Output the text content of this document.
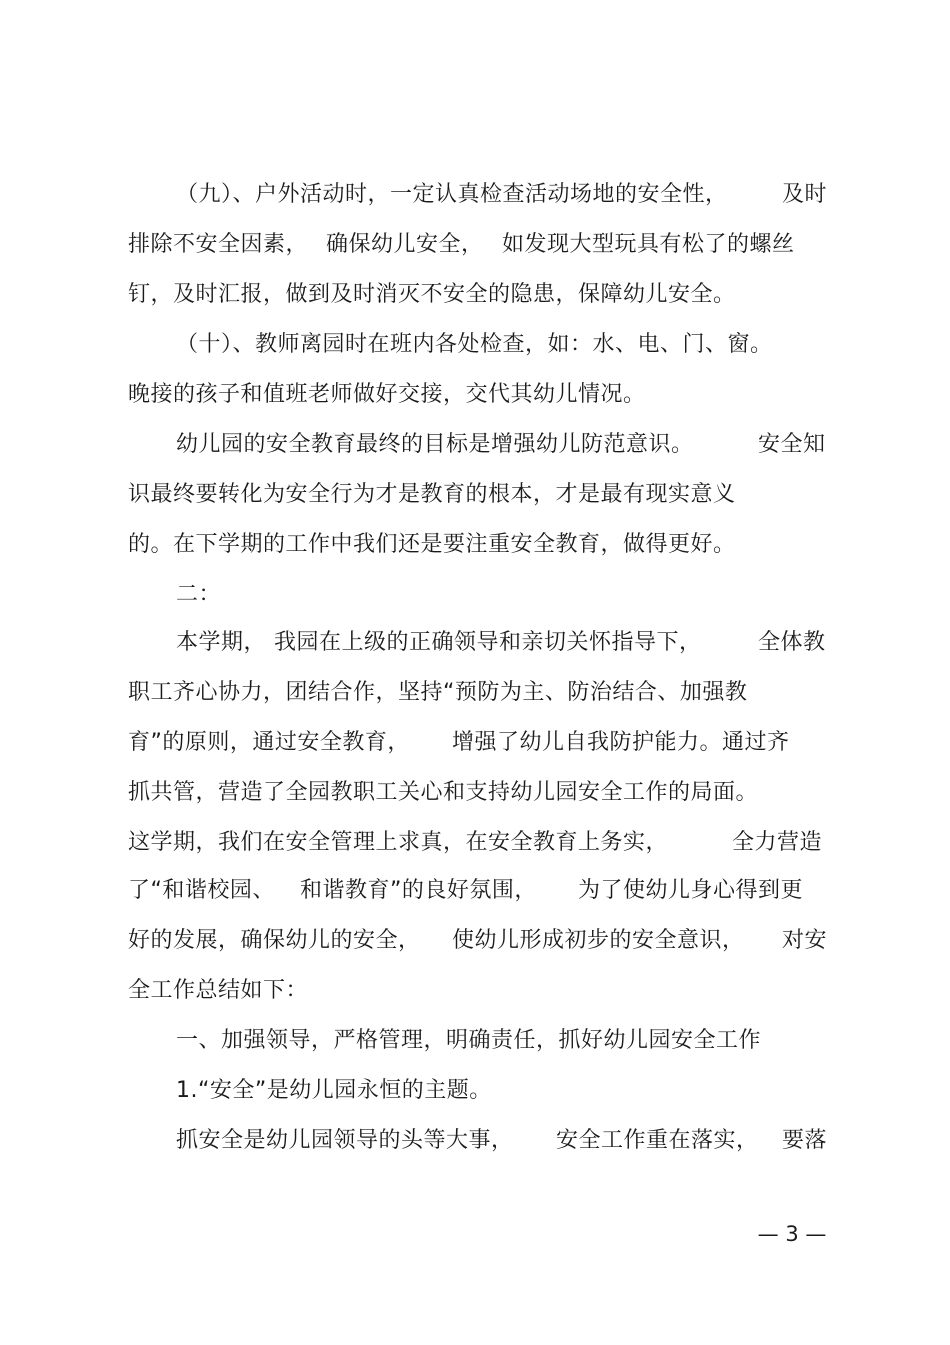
（九）、户外活动时，一定认真检查活动场地的安全性，

及时

排除不安全因素，

确保幼儿安全，

如发现大型玩具有松了的螺丝

钉，及时汇报，做到及时消灭不安全的隐患，保障幼儿安全。

（十）、教师离园时在班内各处检查，如：水、电、门、窗。

晚接的孩子和值班老师做好交接，交代其幼儿情况。

幼儿园的安全教育最终的目标是增强幼儿防范意识。

	安全知

识最终要转化为安全行为才是教育的根本，才是最有现实意义

的。在下学期的工作中我们还是要注重安全教育，做得更好。

二：

本学期，

我园在上级的正确领导和亲切关怀指导下，

	全体教

职工齐心协力，团结合作，坚持“预防为主、防治结合、加强教

育”的原则，通过安全教育，

增强了幼儿自我防护能力。通过齐

抓共管，营造了全园教职工关心和支持幼儿园安全工作的局面。

这学期，我们在安全管理上求真，在安全教育上务实，

	全力营造

了“和谐校园、

和谐教育”的良好氛围，

为了使幼儿身心得到更

好的发展，确保幼儿的安全，

使幼儿形成初步的安全意识，

对安

全工作总结如下：

一、加强领导，严格管理，明确责任，抓好幼儿园安全工作

1.“安全”是幼儿园永恒的主题。

抓安全是幼儿园领导的头等大事，

安全工作重在落实，

要落

— 3 —
